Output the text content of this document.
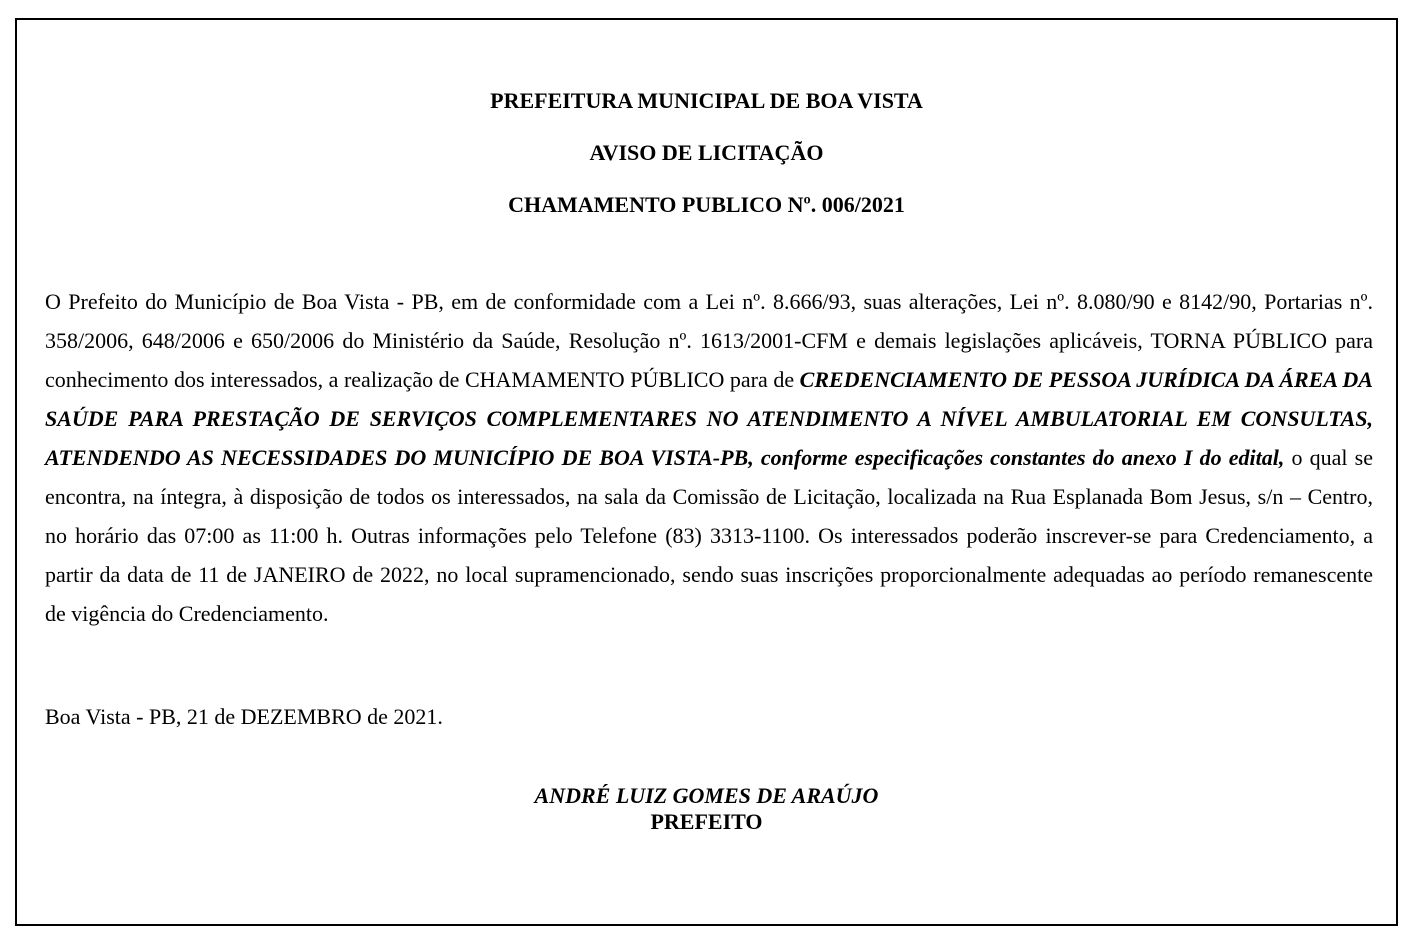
PREFEITURA MUNICIPAL DE BOA VISTA
AVISO DE LICITAÇÃO
CHAMAMENTO PUBLICO Nº. 006/2021

O Prefeito do Município de Boa Vista - PB, em de conformidade com a Lei nº. 8.666/93, suas alterações, Lei nº. 8.080/90 e 8142/90, Portarias nº. 358/2006, 648/2006 e 650/2006 do Ministério da Saúde, Resolução nº. 1613/2001-CFM e demais legislações aplicáveis, TORNA PÚBLICO para conhecimento dos interessados, a realização de CHAMAMENTO PÚBLICO para de CREDENCIAMENTO DE PESSOA JURÍDICA DA ÁREA DA SAÚDE PARA PRESTAÇÃO DE SERVIÇOS COMPLEMENTARES NO ATENDIMENTO A NÍVEL AMBULATORIAL EM CONSULTAS, ATENDENDO AS NECESSIDADES DO MUNICÍPIO DE BOA VISTA-PB, conforme especificações constantes do anexo I do edital, o qual se encontra, na íntegra, à disposição de todos os interessados, na sala da Comissão de Licitação, localizada na Rua Esplanada Bom Jesus, s/n – Centro, no horário das 07:00 as 11:00 h. Outras informações pelo Telefone (83) 3313-1100. Os interessados poderão inscrever-se para Credenciamento, a partir da data de 11 de JANEIRO de 2022, no local supramencionado, sendo suas inscrições proporcionalmente adequadas ao período remanescente de vigência do Credenciamento.

Boa Vista - PB, 21 de DEZEMBRO de 2021.
ANDRÉ LUIZ GOMES DE ARAÚJO
PREFEITO
